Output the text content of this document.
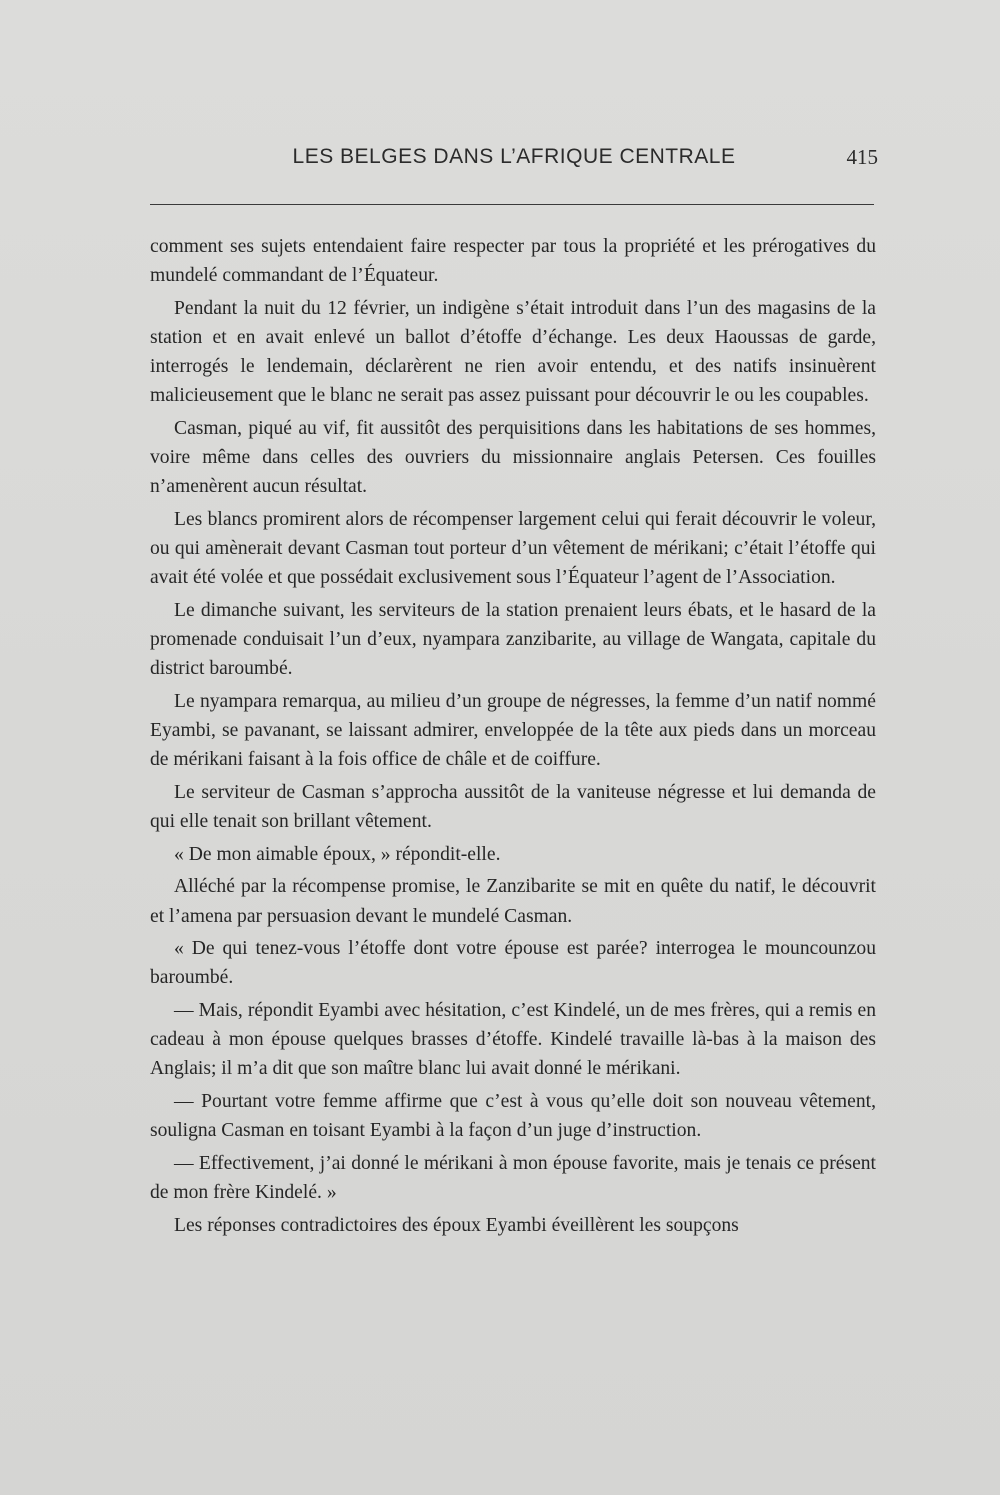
LES BELGES DANS L’AFRIQUE CENTRALE	415

comment ses sujets entendaient faire respecter par tous la propriété et les prérogatives du mundelé commandant de l’Équateur.

Pendant la nuit du 12 février, un indigène s’était introduit dans l’un des magasins de la station et en avait enlevé un ballot d’étoffe d’échange. Les deux Haoussas de garde, interrogés le lendemain, déclarèrent ne rien avoir entendu, et des natifs insinuèrent malicieusement que le blanc ne serait pas assez puissant pour découvrir le ou les coupables.

Casman, piqué au vif, fit aussitôt des perquisitions dans les habitations de ses hommes, voire même dans celles des ouvriers du missionnaire anglais Petersen. Ces fouilles n’amenèrent aucun résultat.

Les blancs promirent alors de récompenser largement celui qui ferait découvrir le voleur, ou qui amènerait devant Casman tout porteur d’un vêtement de mérikani; c’était l’étoffe qui avait été volée et que possédait exclusivement sous l’Équateur l’agent de l’Association.

Le dimanche suivant, les serviteurs de la station prenaient leurs ébats, et le hasard de la promenade conduisait l’un d’eux, nyampara zanzibarite, au village de Wangata, capitale du district baroumbé.

Le nyampara remarqua, au milieu d’un groupe de négresses, la femme d’un natif nommé Eyambi, se pavanant, se laissant admirer, enveloppée de la tête aux pieds dans un morceau de mérikani faisant à la fois office de châle et de coiffure.

Le serviteur de Casman s’approcha aussitôt de la vaniteuse négresse et lui demanda de qui elle tenait son brillant vêtement.

« De mon aimable époux, » répondit-elle.

Alléché par la récompense promise, le Zanzibarite se mit en quête du natif, le découvrit et l’amena par persuasion devant le mundelé Casman.

« De qui tenez-vous l’étoffe dont votre épouse est parée? interrogea le mouncounzou baroumbé.

— Mais, répondit Eyambi avec hésitation, c’est Kindelé, un de mes frères, qui a remis en cadeau à mon épouse quelques brasses d’étoffe. Kindelé travaille là-bas à la maison des Anglais; il m’a dit que son maître blanc lui avait donné le mérikani.

— Pourtant votre femme affirme que c’est à vous qu’elle doit son nouveau vêtement, souligna Casman en toisant Eyambi à la façon d’un juge d’instruction.

— Effectivement, j’ai donné le mérikani à mon épouse favorite, mais je tenais ce présent de mon frère Kindelé. »

Les réponses contradictoires des époux Eyambi éveillèrent les soupçons
